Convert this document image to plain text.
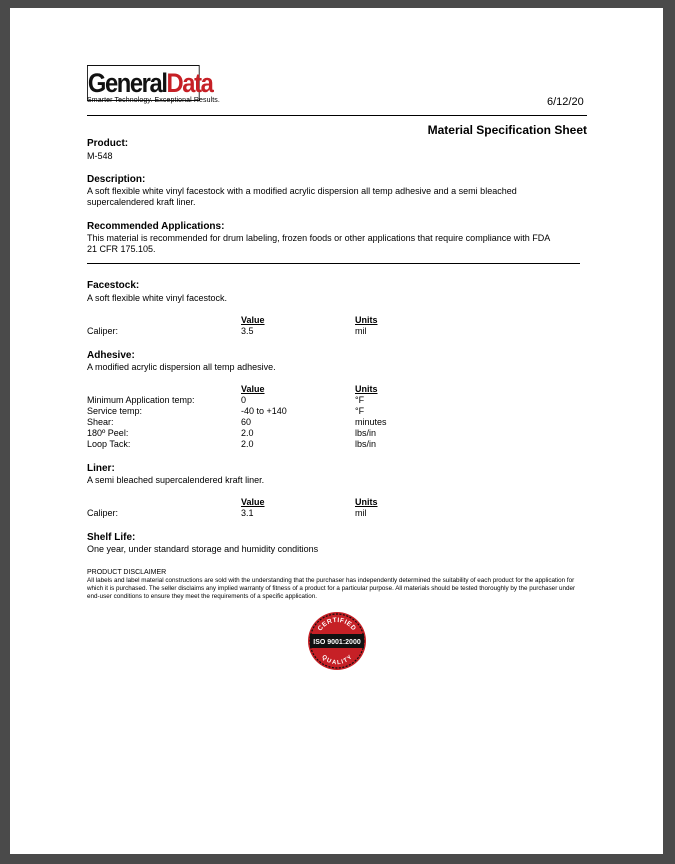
GeneralData
Smarter Technology. Exceptional Results.	6/12/20
Material Specification Sheet
Product:
M-548
Description:
A soft flexible white vinyl facestock with a modified acrylic dispersion all temp adhesive and a semi bleached
supercalendered kraft liner.
Recommended Applications:
This material is recommended for drum labeling, frozen foods or other applications that require compliance with FDA
21 CFR 175.105.
Facestock:
A soft flexible white vinyl facestock.
Value	Units
Caliper:	3.5	mil
Adhesive:
A modified acrylic dispersion all temp adhesive.
Value	Units
Minimum Application temp:	0	°F
Service temp:	-40 to +140	°F
Shear:	60	minutes
180º Peel:	2.0	lbs/in
Loop Tack:	2.0	lbs/in
Liner:
A semi bleached supercalendered kraft liner.
Value	Units
Caliper:	3.1	mil
Shelf Life:
One year, under standard storage and humidity conditions
PRODUCT DISCLAIMER
All labels and label material constructions are sold with the understanding that the purchaser has independently determined the suitability of each product for the application for which it is purchased. The seller disclaims any implied warranty of fitness of a product for a particular purpose. All materials should be tested thoroughly by the purchaser under end-user conditions to ensure they meet the requirements of a specific application.
CERTIFIED
ISO 9001:2000
QUALITY
